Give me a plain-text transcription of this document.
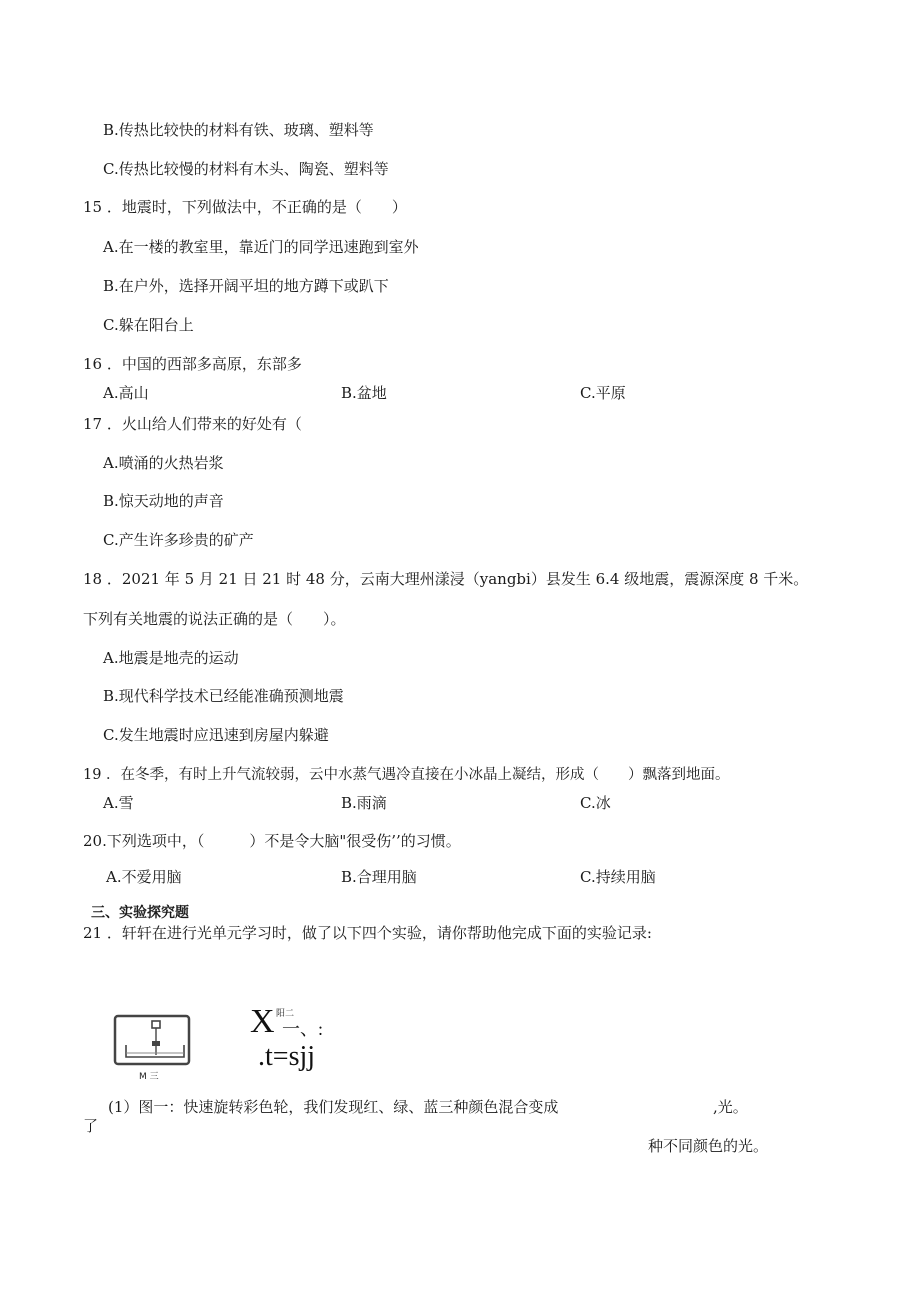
B.传热比较快的材料有铁、玻璃、塑料等
C.传热比较慢的材料有木头、陶瓷、塑料等
15 ．地震时，下列做法中，不正确的是（　　）
A.在一楼的教室里，靠近门的同学迅速跑到室外
B.在户外，选择开阔平坦的地方蹲下或趴下
C.躲在阳台上
16 ．中国的西部多高原，东部多
A.高山	B.盆地	C.平原
17 ．火山给人们带来的好处有（
A.喷涌的火热岩浆
B.惊天动地的声音
C.产生许多珍贵的矿产
18 ．2021 年 5 月 21 日 21 时 48 分，云南大理州漾浸（yangbi）县发生 6.4 级地震，震源深度 8 千米。
下列有关地震的说法正确的是（　　）。
A.地震是地壳的运动
B.现代科学技术已经能准确预测地震
C.发生地震时应迅速到房屋内躲避
19 ．在冬季，有时上升气流较弱，云中水蒸气遇冷直接在小冰晶上凝结，形成（　　）飘落到地面。
A.雪	B.雨滴	C.冰
20.下列选项中，（　　　）不是令大脑"很受伤’’的习惯。
A.不爱用脑	B.合理用脑	C.持续用脑
三、实验探究题
21 ．轩轩在进行光单元学习时，做了以下四个实验，请你帮助他完成下面的实验记录:
M 三
X 阳二
一、:
.t=sjj
(1）图一：快速旋转彩色轮，我们发现红、绿、蓝三种颜色混合变成	,光。
了
种不同颜色的光。
